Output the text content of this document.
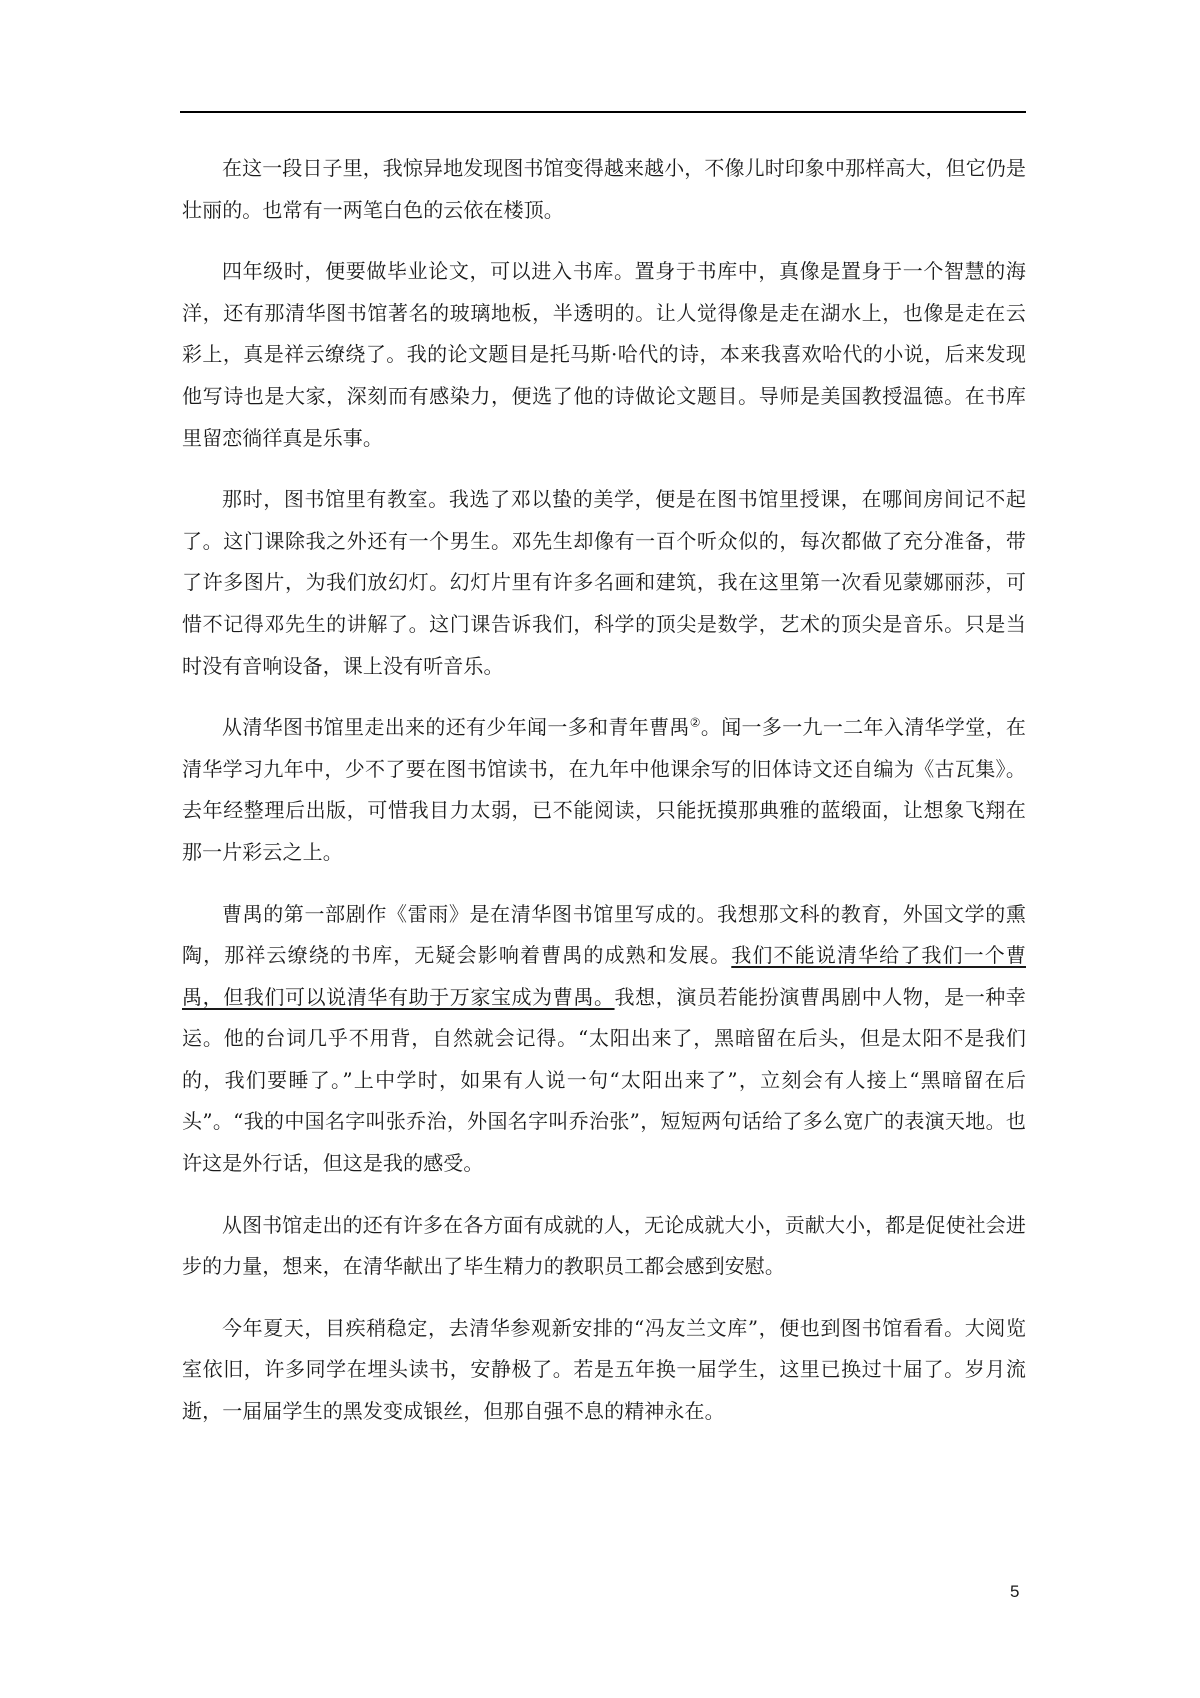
在这一段日子里，我惊异地发现图书馆变得越来越小，不像儿时印象中那样高大，但它仍是壮丽的。也常有一两笔白色的云依在楼顶。

四年级时，便要做毕业论文，可以进入书库。置身于书库中，真像是置身于一个智慧的海洋，还有那清华图书馆著名的玻璃地板，半透明的。让人觉得像是走在湖水上，也像是走在云彩上，真是祥云缭绕了。我的论文题目是托马斯·哈代的诗，本来我喜欢哈代的小说，后来发现他写诗也是大家，深刻而有感染力，便选了他的诗做论文题目。导师是美国教授温德。在书库里留恋徜徉真是乐事。

那时，图书馆里有教室。我选了邓以蛰的美学，便是在图书馆里授课，在哪间房间记不起了。这门课除我之外还有一个男生。邓先生却像有一百个听众似的，每次都做了充分准备，带了许多图片，为我们放幻灯。幻灯片里有许多名画和建筑，我在这里第一次看见蒙娜丽莎，可惜不记得邓先生的讲解了。这门课告诉我们，科学的顶尖是数学，艺术的顶尖是音乐。只是当时没有音响设备，课上没有听音乐。

从清华图书馆里走出来的还有少年闻一多和青年曹禺②。闻一多一九一二年入清华学堂，在清华学习九年中，少不了要在图书馆读书，在九年中他课余写的旧体诗文还自编为《古瓦集》。去年经整理后出版，可惜我目力太弱，已不能阅读，只能抚摸那典雅的蓝缎面，让想象飞翔在那一片彩云之上。

曹禺的第一部剧作《雷雨》是在清华图书馆里写成的。我想那文科的教育，外国文学的熏陶，那祥云缭绕的书库，无疑会影响着曹禺的成熟和发展。我们不能说清华给了我们一个曹禺，但我们可以说清华有助于万家宝成为曹禺。我想，演员若能扮演曹禺剧中人物，是一种幸运。他的台词几乎不用背，自然就会记得。“太阳出来了，黑暗留在后头，但是太阳不是我们的，我们要睡了。”上中学时，如果有人说一句“太阳出来了”，立刻会有人接上“黑暗留在后头”。“我的中国名字叫张乔治，外国名字叫乔治张”，短短两句话给了多么宽广的表演天地。也许这是外行话，但这是我的感受。

从图书馆走出的还有许多在各方面有成就的人，无论成就大小，贡献大小，都是促使社会进步的力量，想来，在清华献出了毕生精力的教职员工都会感到安慰。

今年夏天，目疾稍稳定，去清华参观新安排的“冯友兰文库”，便也到图书馆看看。大阅览室依旧，许多同学在埋头读书，安静极了。若是五年换一届学生，这里已换过十届了。岁月流逝，一届届学生的黑发变成银丝，但那自强不息的精神永在。

5
